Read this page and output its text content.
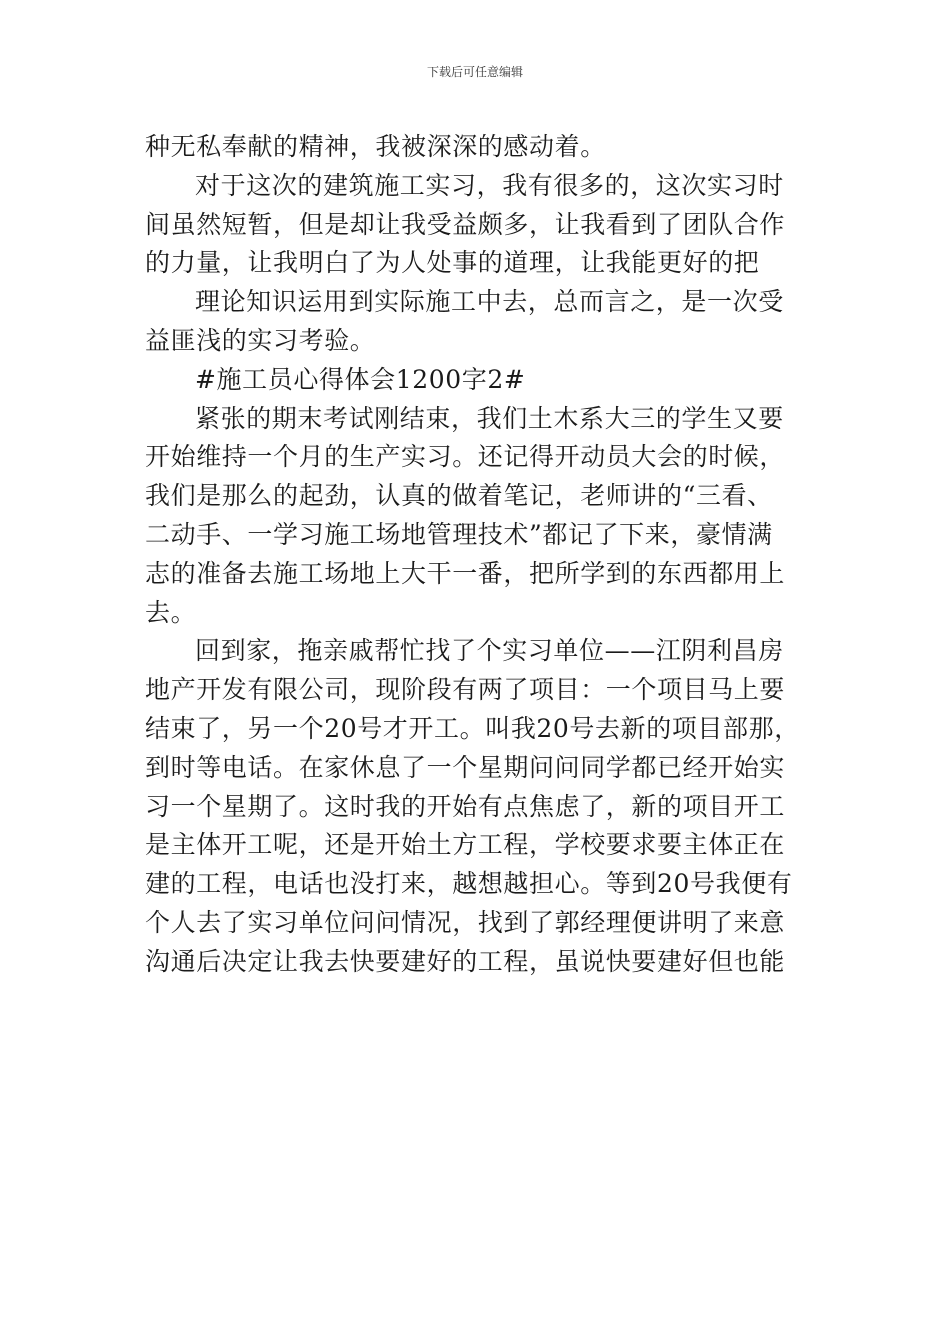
下载后可任意编辑
种无私奉献的精神，我被深深的感动着。
对于这次的建筑施工实习，我有很多的，这次实习时
间虽然短暂，但是却让我受益颇多，让我看到了团队合作
的力量，让我明白了为人处事的道理，让我能更好的把
理论知识运用到实际施工中去，总而言之，是一次受
益匪浅的实习考验。
#施工员心得体会1200字2#
紧张的期末考试刚结束，我们土木系大三的学生又要
开始维持一个月的生产实习。还记得开动员大会的时候，
我们是那么的起劲，认真的做着笔记，老师讲的“三看、
二动手、一学习施工场地管理技术”都记了下来，豪情满
志的准备去施工场地上大干一番，把所学到的东西都用上
去。
回到家，拖亲戚帮忙找了个实习单位——江阴利昌房
地产开发有限公司，现阶段有两了项目：一个项目马上要
结束了，另一个20号才开工。叫我20号去新的项目部那，
到时等电话。在家休息了一个星期问问同学都已经开始实
习一个星期了。这时我的开始有点焦虑了，新的项目开工
是主体开工呢，还是开始土方工程，学校要求要主体正在
建的工程，电话也没打来，越想越担心。等到20号我便有
个人去了实习单位问问情况，找到了郭经理便讲明了来意
沟通后决定让我去快要建好的工程，虽说快要建好但也能
